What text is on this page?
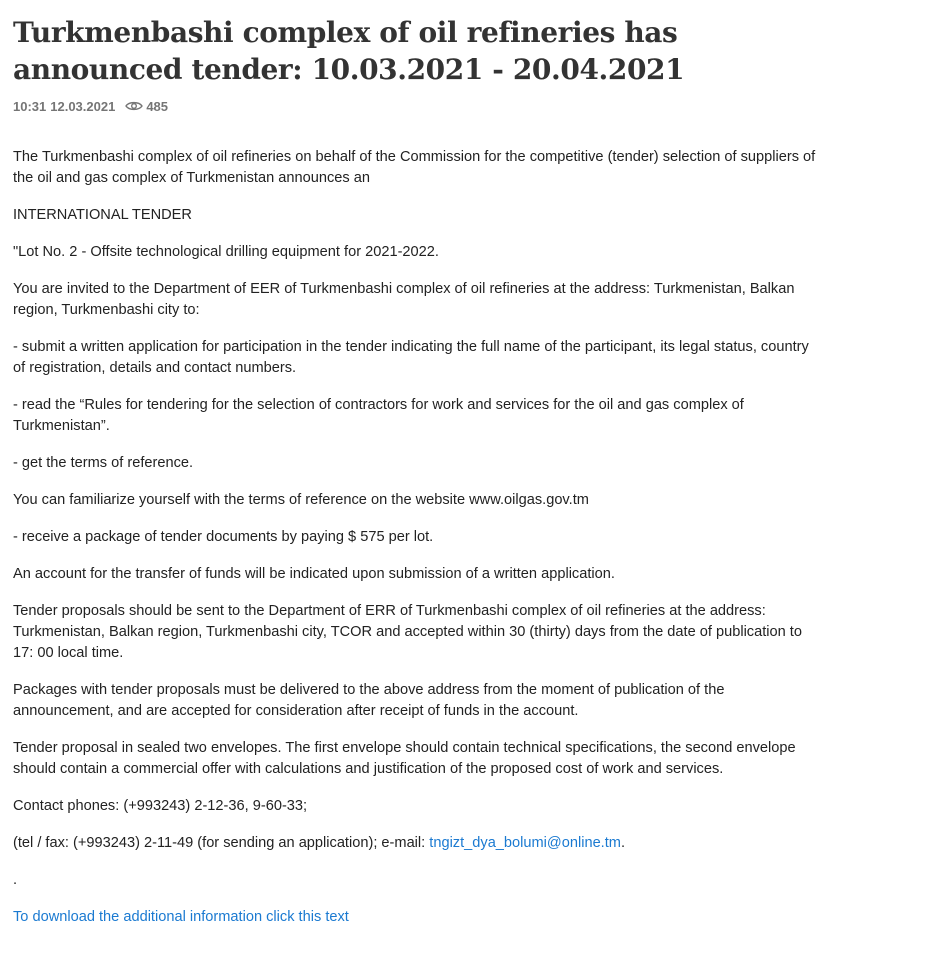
Turkmenbashi complex of oil refineries has announced tender: 10.03.2021 - 20.04.2021
10:31 12.03.2021 485

The Turkmenbashi complex of oil refineries on behalf of the Commission for the competitive (tender) selection of suppliers of the oil and gas complex of Turkmenistan announces an

INTERNATIONAL TENDER

"Lot No. 2 - Offsite technological drilling equipment for 2021-2022.

You are invited to the Department of EER of Turkmenbashi complex of oil refineries at the address: Turkmenistan, Balkan region, Turkmenbashi city to:

- submit a written application for participation in the tender indicating the full name of the participant, its legal status, country of registration, details and contact numbers.

- read the “Rules for tendering for the selection of contractors for work and services for the oil and gas complex of Turkmenistan”.

- get the terms of reference.

You can familiarize yourself with the terms of reference on the website www.oilgas.gov.tm

- receive a package of tender documents by paying $ 575 per lot.

An account for the transfer of funds will be indicated upon submission of a written application.

Tender proposals should be sent to the Department of ERR of Turkmenbashi complex of oil refineries at the address: Turkmenistan, Balkan region, Turkmenbashi city, TCOR and accepted within 30 (thirty) days from the date of publication to 17: 00 local time.

Packages with tender proposals must be delivered to the above address from the moment of publication of the announcement, and are accepted for consideration after receipt of funds in the account.

Tender proposal in sealed two envelopes. The first envelope should contain technical specifications, the second envelope should contain a commercial offer with calculations and justification of the proposed cost of work and services.

Contact phones: (+993243) 2-12-36, 9-60-33;

(tel / fax: (+993243) 2-11-49 (for sending an application); e-mail: tngizt_dya_bolumi@online.tm.

.

To download the additional information click this text
